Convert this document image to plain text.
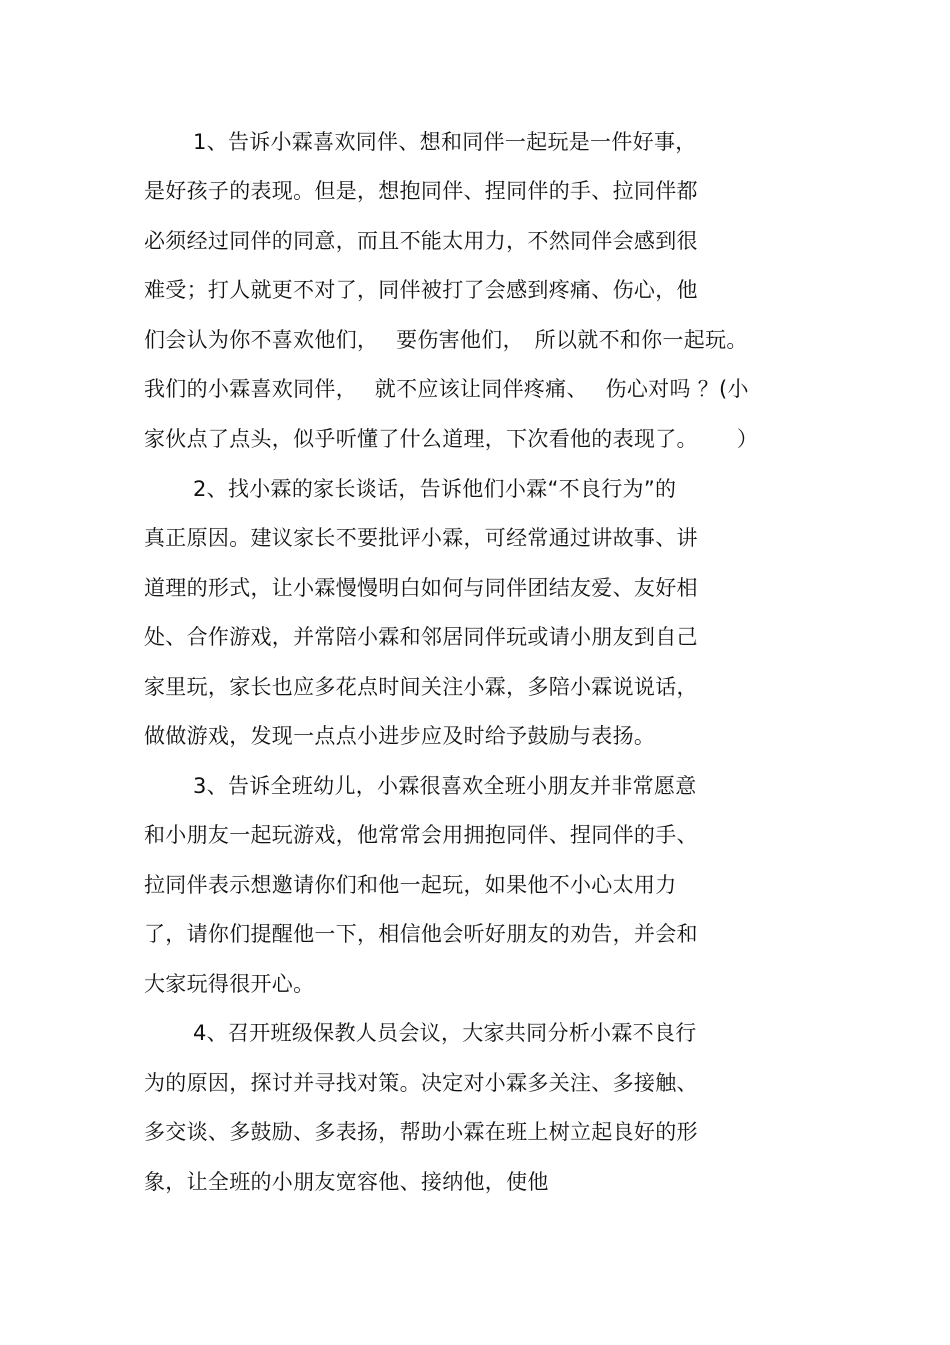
1、告诉小霖喜欢同伴、想和同伴一起玩是一件好事，
是好孩子的表现。但是，想抱同伴、捏同伴的手、拉同伴都
必须经过同伴的同意，而且不能太用力，不然同伴会感到很
难受；打人就更不对了，同伴被打了会感到疼痛、伤心，他
们会认为你不喜欢他们，　 要伤害他们，　所以就不和你一起玩。
我们的小霖喜欢同伴，　 就不应该让同伴疼痛、　 伤心对吗 ？(小
家伙点了点头，似乎听懂了什么道理，下次看他的表现了。　　 ）
2、找小霖的家长谈话，告诉他们小霖“不良行为”的
真正原因。建议家长不要批评小霖，可经常通过讲故事、讲
道理的形式，让小霖慢慢明白如何与同伴团结友爱、友好相
处、合作游戏，并常陪小霖和邻居同伴玩或请小朋友到自己
家里玩，家长也应多花点时间关注小霖，多陪小霖说说话，
做做游戏，发现一点点小进步应及时给予鼓励与表扬。
3、告诉全班幼儿，小霖很喜欢全班小朋友并非常愿意
和小朋友一起玩游戏，他常常会用拥抱同伴、捏同伴的手、
拉同伴表示想邀请你们和他一起玩，如果他不小心太用力
了，请你们提醒他一下，相信他会听好朋友的劝告，并会和
大家玩得很开心。
4、召开班级保教人员会议，大家共同分析小霖不良行
为的原因，探讨并寻找对策。决定对小霖多关注、多接触、
多交谈、多鼓励、多表扬，帮助小霖在班上树立起良好的形
象，让全班的小朋友宽容他、接纳他，使他
